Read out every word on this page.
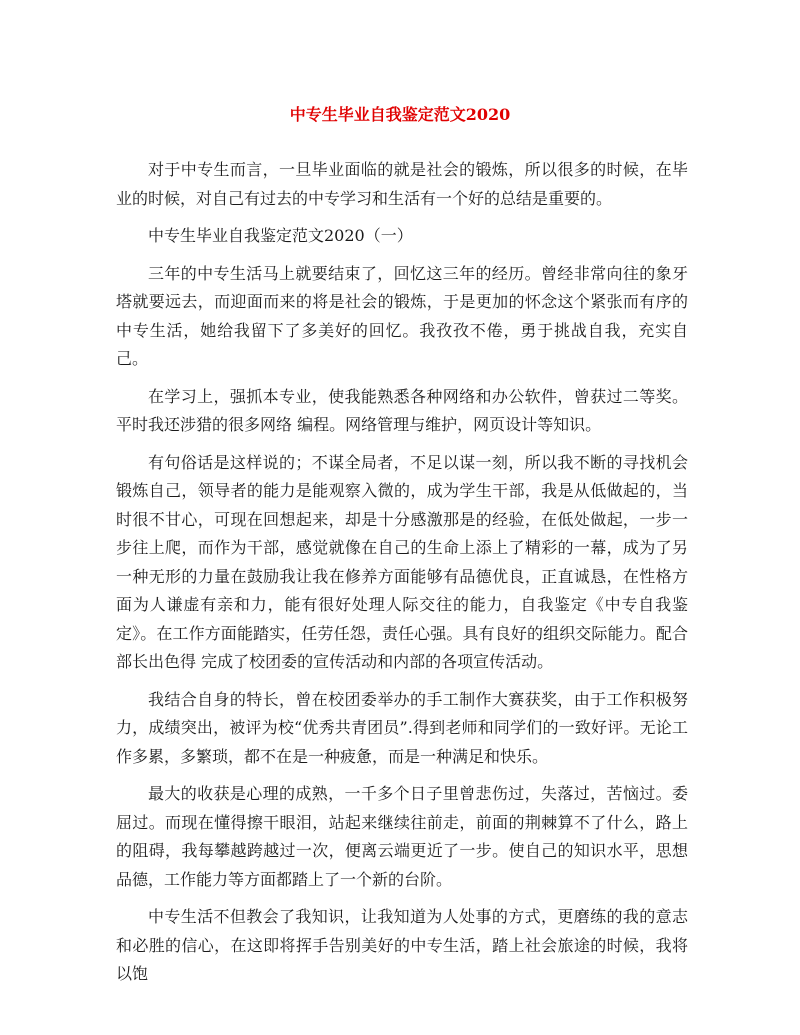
中专生毕业自我鉴定范文2020

对于中专生而言，一旦毕业面临的就是社会的锻炼，所以很多的时候，在毕业的时候，对自己有过去的中专学习和生活有一个好的总结是重要的。

中专生毕业自我鉴定范文2020（一）

三年的中专生活马上就要结束了，回忆这三年的经历。曾经非常向往的象牙塔就要远去，而迎面而来的将是社会的锻炼，于是更加的怀念这个紧张而有序的中专生活，她给我留下了多美好的回忆。我孜孜不倦，勇于挑战自我，充实自己。

在学习上，强抓本专业，使我能熟悉各种网络和办公软件，曾获过二等奖。平时我还涉猎的很多网络 编程。网络管理与维护，网页设计等知识。

有句俗话是这样说的；不谋全局者，不足以谋一刻，所以我不断的寻找机会锻炼自己，领导者的能力是能观察入微的，成为学生干部，我是从低做起的，当时很不甘心，可现在回想起来，却是十分感激那是的经验，在低处做起，一步一步往上爬，而作为干部，感觉就像在自己的生命上添上了精彩的一幕，成为了另一种无形的力量在鼓励我让我在修养方面能够有品德优良，正直诚恳，在性格方面为人谦虚有亲和力，能有很好处理人际交往的能力，自我鉴定《中专自我鉴定》。在工作方面能踏实，任劳任怨，责任心强。具有良好的组织交际能力。配合部长出色得 完成了校团委的宣传活动和内部的各项宣传活动。

我结合自身的特长，曾在校团委举办的手工制作大赛获奖，由于工作积极努力，成绩突出，被评为校“优秀共青团员”.得到老师和同学们的一致好评。无论工作多累，多繁琐，都不在是一种疲惫，而是一种满足和快乐。

最大的收获是心理的成熟，一千多个日子里曾悲伤过，失落过，苦恼过。委屈过。而现在懂得擦干眼泪，站起来继续往前走，前面的荆棘算不了什么，路上的阻碍，我每攀越跨越过一次，便离云端更近了一步。使自己的知识水平，思想品德，工作能力等方面都踏上了一个新的台阶。

中专生活不但教会了我知识，让我知道为人处事的方式，更磨练的我的意志和必胜的信心，在这即将挥手告别美好的中专生活，踏上社会旅途的时候，我将以饱
